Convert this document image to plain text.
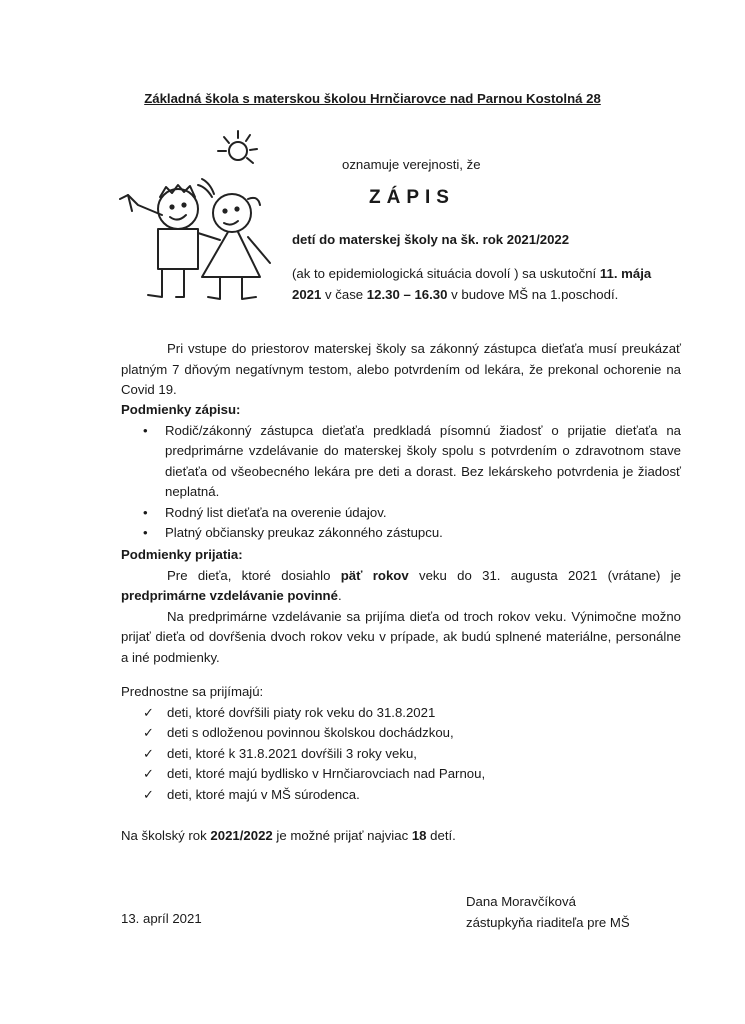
Základná škola s materskou školou Hrnčiarovce nad Parnou Kostolná 28
oznamuje verejnosti, že
ZÁPIS
detí do materskej školy na šk. rok 2021/2022
(ak to epidemiologická situácia dovolí ) sa uskutoční 11. mája 2021 v čase 12.30 – 16.30 v budove MŠ na 1.poschodí.
Pri vstupe do priestorov materskej školy sa zákonný zástupca dieťaťa musí preukázať platným 7 dňovým negatívnym testom, alebo potvrdením od lekára, že prekonal ochorenie na Covid 19.
Podmienky zápisu:
• Rodič/zákonný zástupca dieťaťa predkladá písomnú žiadosť o prijatie dieťaťa na predprimárne vzdelávanie do materskej školy spolu s potvrdením o zdravotnom stave dieťaťa od všeobecného lekára pre deti a dorast. Bez lekárskeho potvrdenia je žiadosť neplatná.
• Rodný list dieťaťa na overenie údajov.
• Platný občiansky preukaz zákonného zástupcu.
Podmienky prijatia:
Pre dieťa, ktoré dosiahlo päť rokov veku do 31. augusta 2021 (vrátane) je predprimárne vzdelávanie povinné.
Na predprimárne vzdelávanie sa prijíma dieťa od troch rokov veku. Výnimočne možno prijať dieťa od dovŕšenia dvoch rokov veku v prípade, ak budú splnené materiálne, personálne a iné podmienky.
Prednostne sa prijímajú:
✓ deti, ktoré dovŕšili piaty rok veku do 31.8.2021
✓ deti s odloženou povinnou školskou dochádzkou,
✓ deti, ktoré k 31.8.2021 dovŕšili 3 roky veku,
✓ deti, ktoré majú bydlisko v Hrnčiarovciach nad Parnou,
✓ deti, ktoré majú v MŠ súrodenca.
Na školský rok 2021/2022 je možné prijať najviac 18 detí.
Dana Moravčíková
zástupkyňa riaditeľa pre MŠ
13. apríl 2021
